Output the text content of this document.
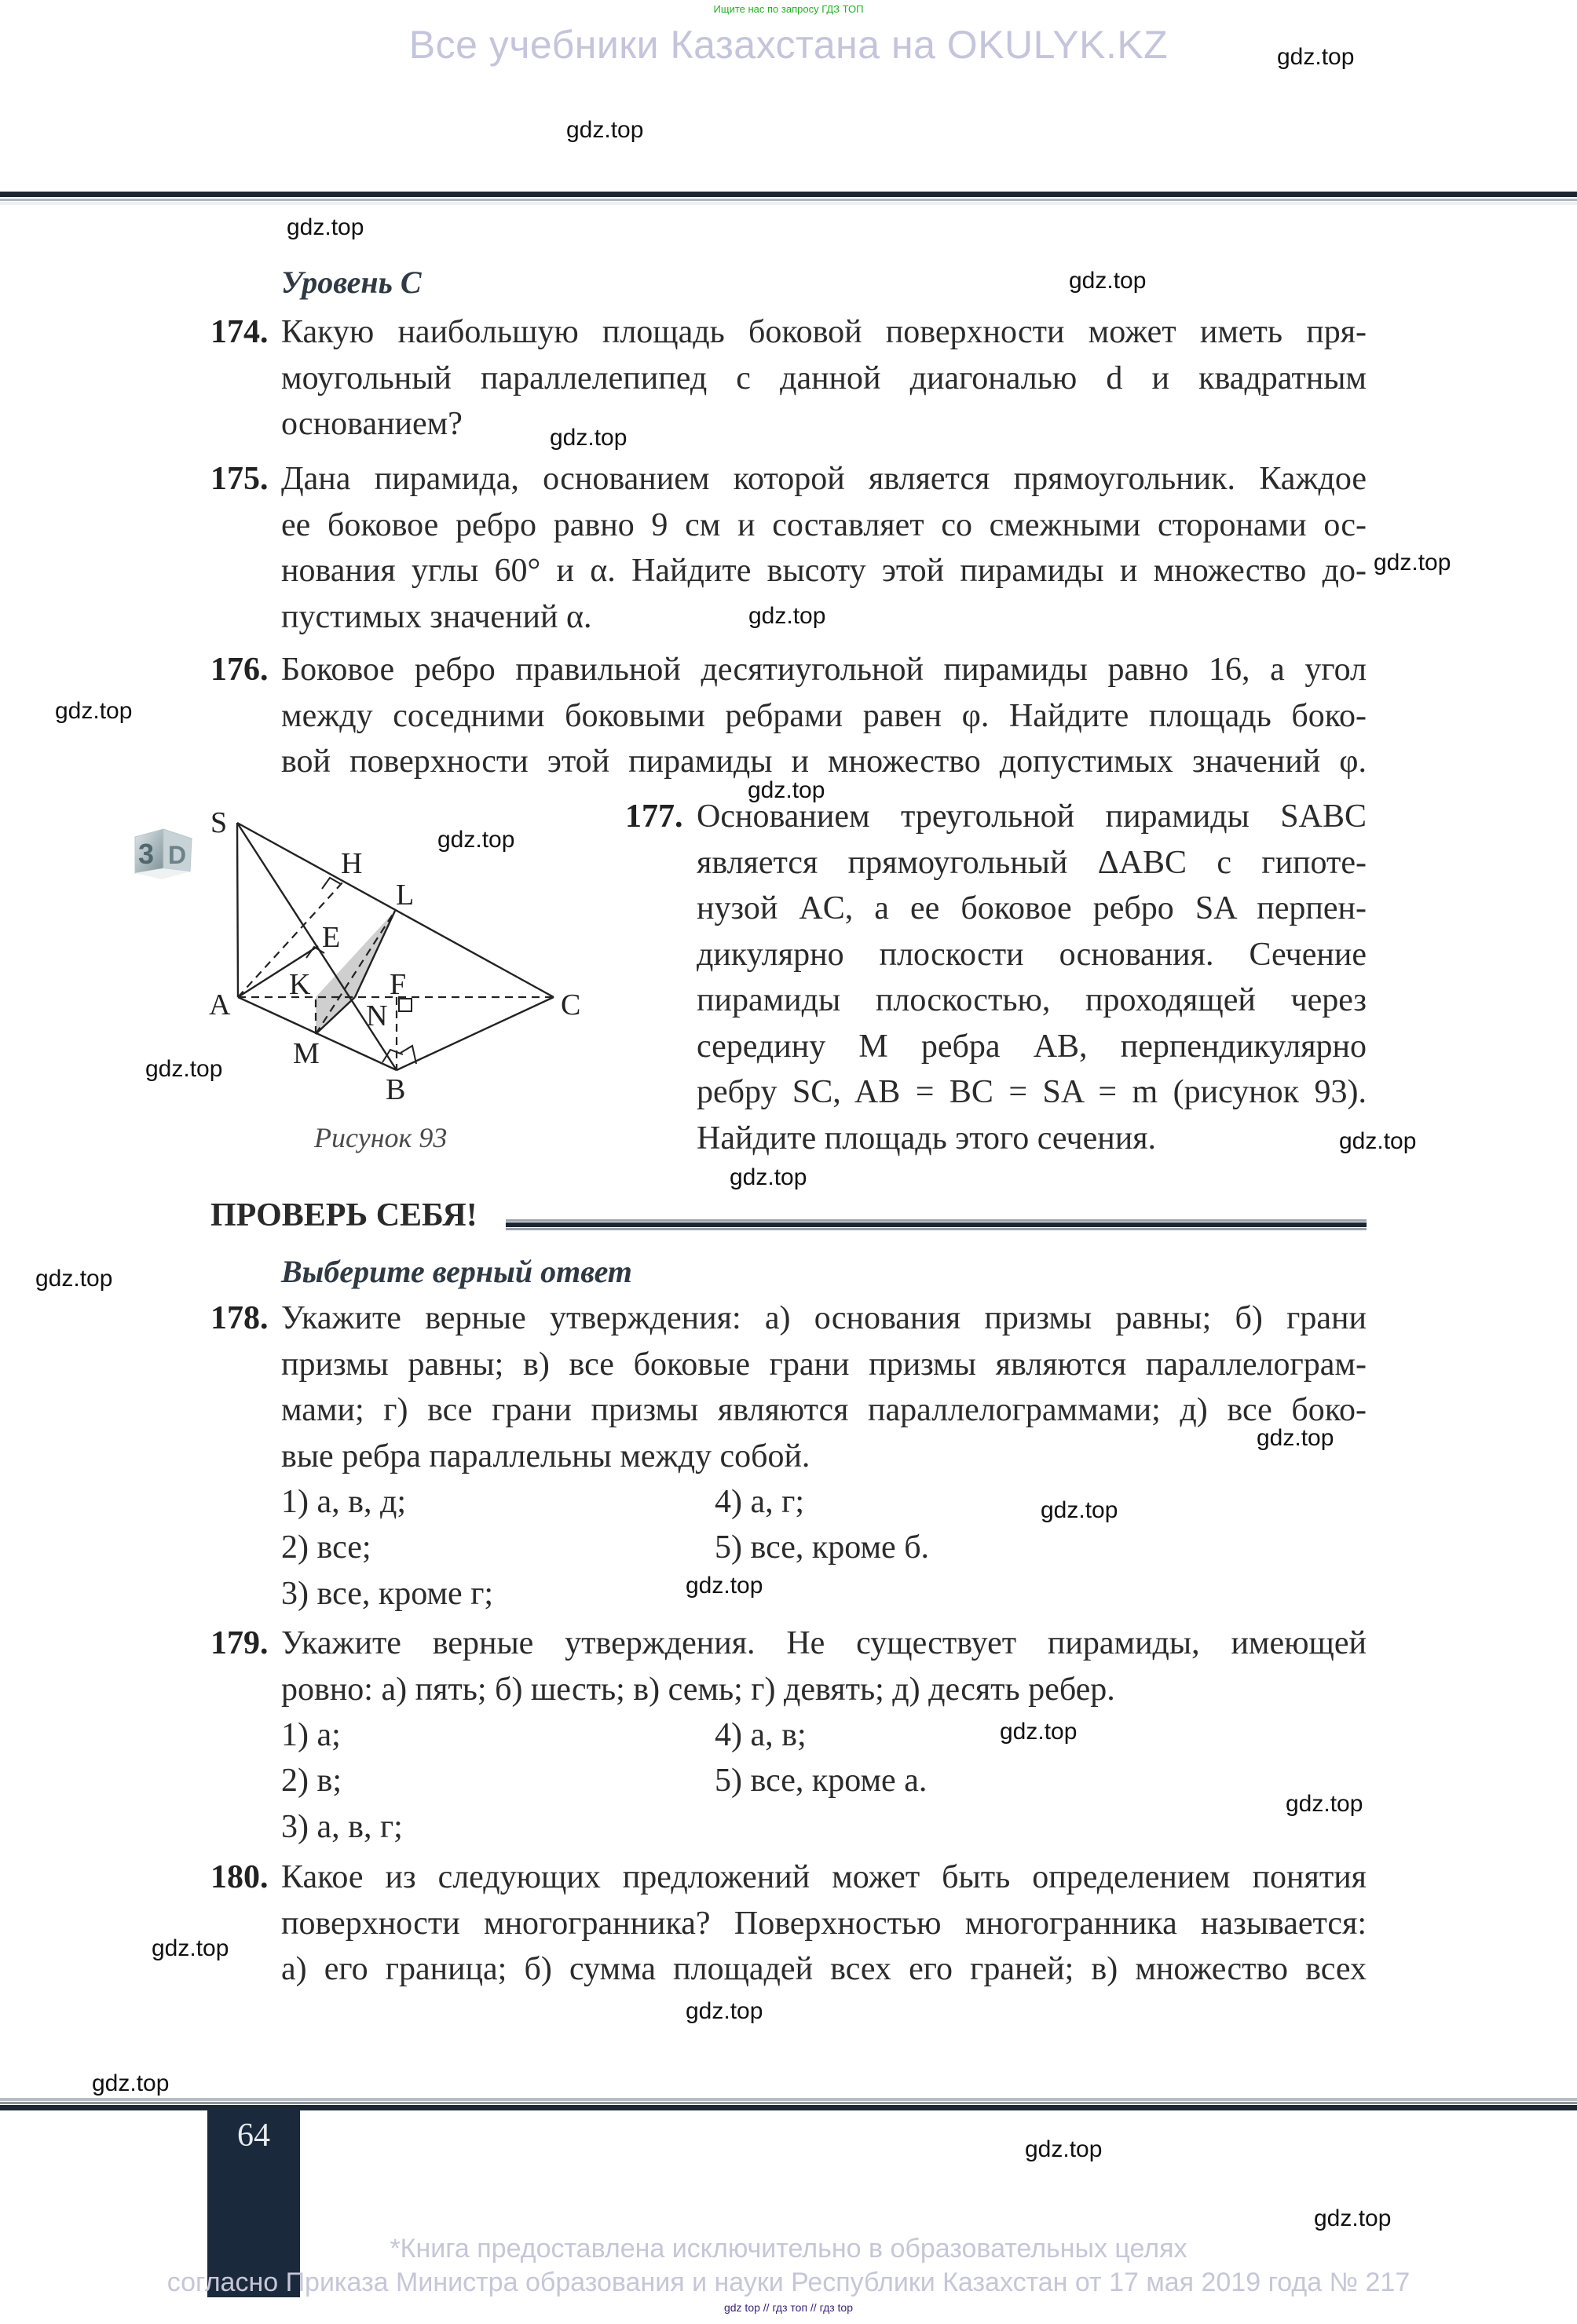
Ищите нас по запросу ГДЗ ТОП
Все учебники Казахстана на OKULYK.KZ
Уровень C
174. Какую наибольшую площадь боковой поверхности может иметь пря-
моугольный параллелепипед с данной диагональю d и квадратным
основанием?
175. Дана пирамида, основанием которой является прямоугольник. Каждое
ее боковое ребро равно 9 см и составляет со смежными сторонами ос-
нования углы 60° и α. Найдите высоту этой пирамиды и множество до-
пустимых значений α.
176. Боковое ребро правильной десятиугольной пирамиды равно 16, а угол
между соседними боковыми ребрами равен φ. Найдите площадь боко-
вой поверхности этой пирамиды и множество допустимых значений φ.
3 D
S
H
L
E
K	F
A	N	C
M
B
Рисунок 93
177. Основанием треугольной пирамиды SABC
является прямоугольный ΔABC с гипоте-
нузой AC, а ее боковое ребро SA перпен-
дикулярно плоскости основания. Сечение
пирамиды плоскостью, проходящей через
середину M ребра AB, перпендикулярно
ребру SC, AB = BC = SA = m (рисунок 93).
Найдите площадь этого сечения.
ПРОВЕРЬ СЕБЯ!
Выберите верный ответ
178. Укажите верные утверждения: а) основания призмы равны; б) грани
призмы равны; в) все боковые грани призмы являются параллелограм-
мами; г) все грани призмы являются параллелограммами; д) все боко-
вые ребра параллельны между собой.
1) а, в, д;
2) все;
3) все, кроме г;
4) а, г;
5) все, кроме б.
179. Укажите верные утверждения. Не существует пирамиды, имеющей
ровно: а) пять; б) шесть; в) семь; г) девять; д) десять ребер.
1) а;
2) в;
3) а, в, г;
4) а, в;
5) все, кроме а.
180. Какое из следующих предложений может быть определением понятия
поверхности многогранника? Поверхностью многогранника называется:
а) его граница; б) сумма площадей всех его граней; в) множество всех
64
*Книга предоставлена исключительно в образовательных целях
согласно Приказа Министра образования и науки Республики Казахстан от 17 мая 2019 года № 217
gdz top // гдз топ // гдз top
gdz.top
gdz.top
gdz.top
gdz.top
gdz.top
gdz.top
gdz.top
gdz.top
gdz.top
gdz.top
gdz.top
gdz.top
gdz.top
gdz.top
gdz.top
gdz.top
gdz.top
gdz.top
gdz.top
gdz.top
gdz.top
gdz.top
gdz.top
gdz.top
